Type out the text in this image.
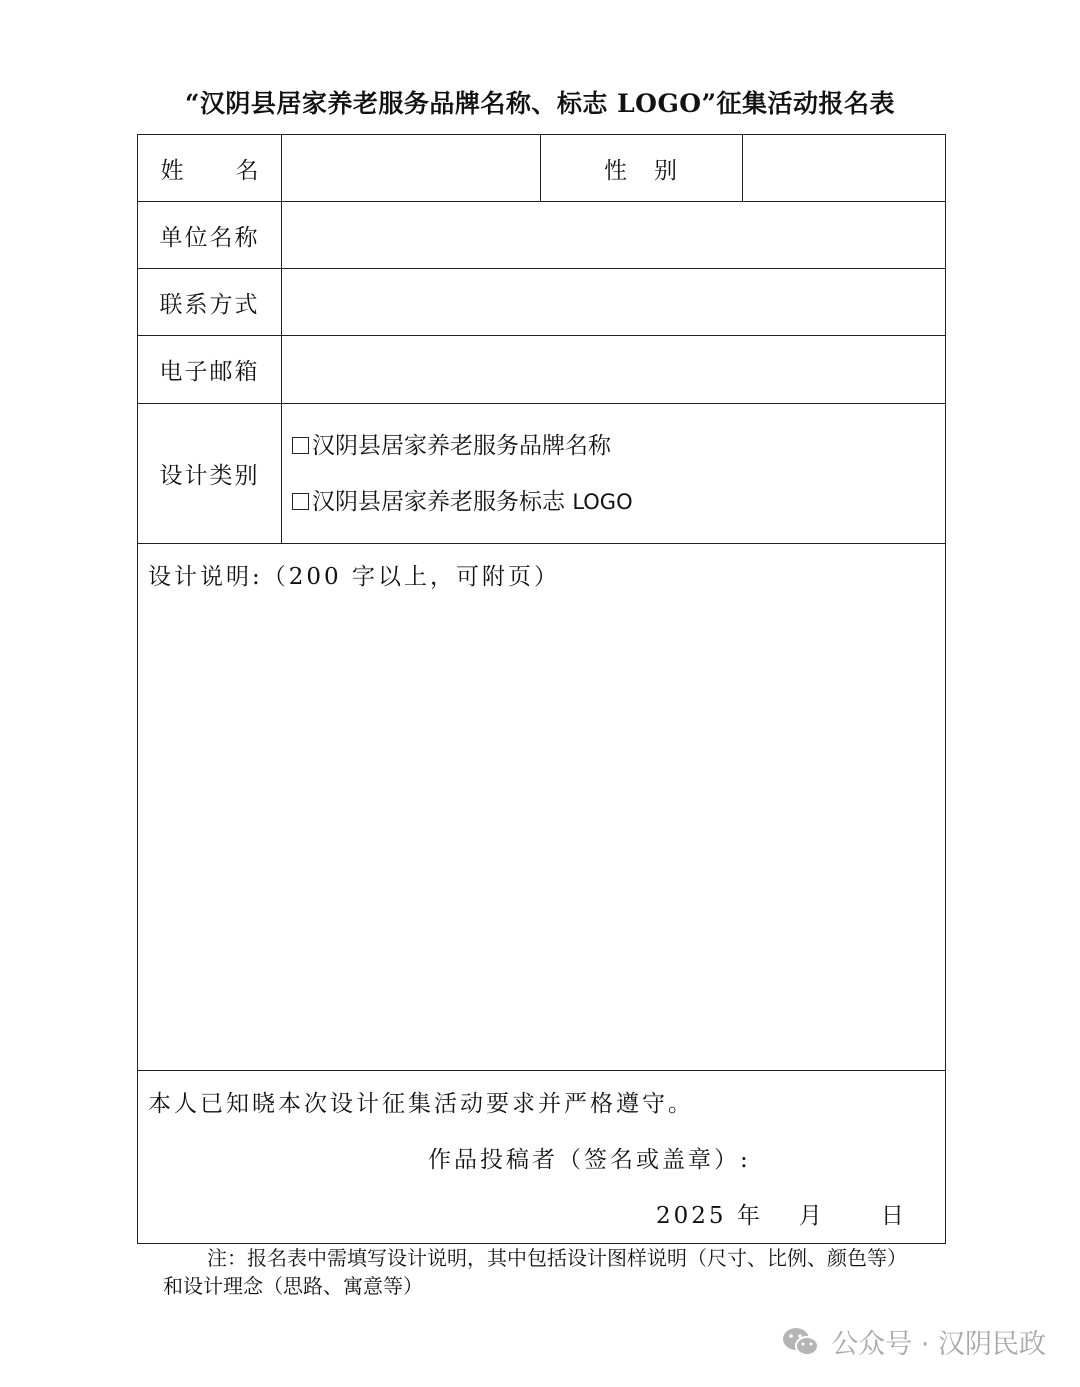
“汉阴县居家养老服务品牌名称、标志 LOGO”征集活动报名表
姓 名		性　别	
单位名称			
联系方式			
电子邮箱			
设计类别	汉阴县居家养老服务品牌名称
汉阴县居家养老服务标志 LOGO		

设计说明:（200 字以上，可附页）			

本人已知晓本次设计征集活动要求并严格遵守。
作品投稿者（签名或盖章）:
2025 年 月 日			
注：报名表中需填写设计说明，其中包括设计图样说明（尺寸、比例、颜色等）和设计理念（思路、寓意等）
公众号 · 汉阴民政
